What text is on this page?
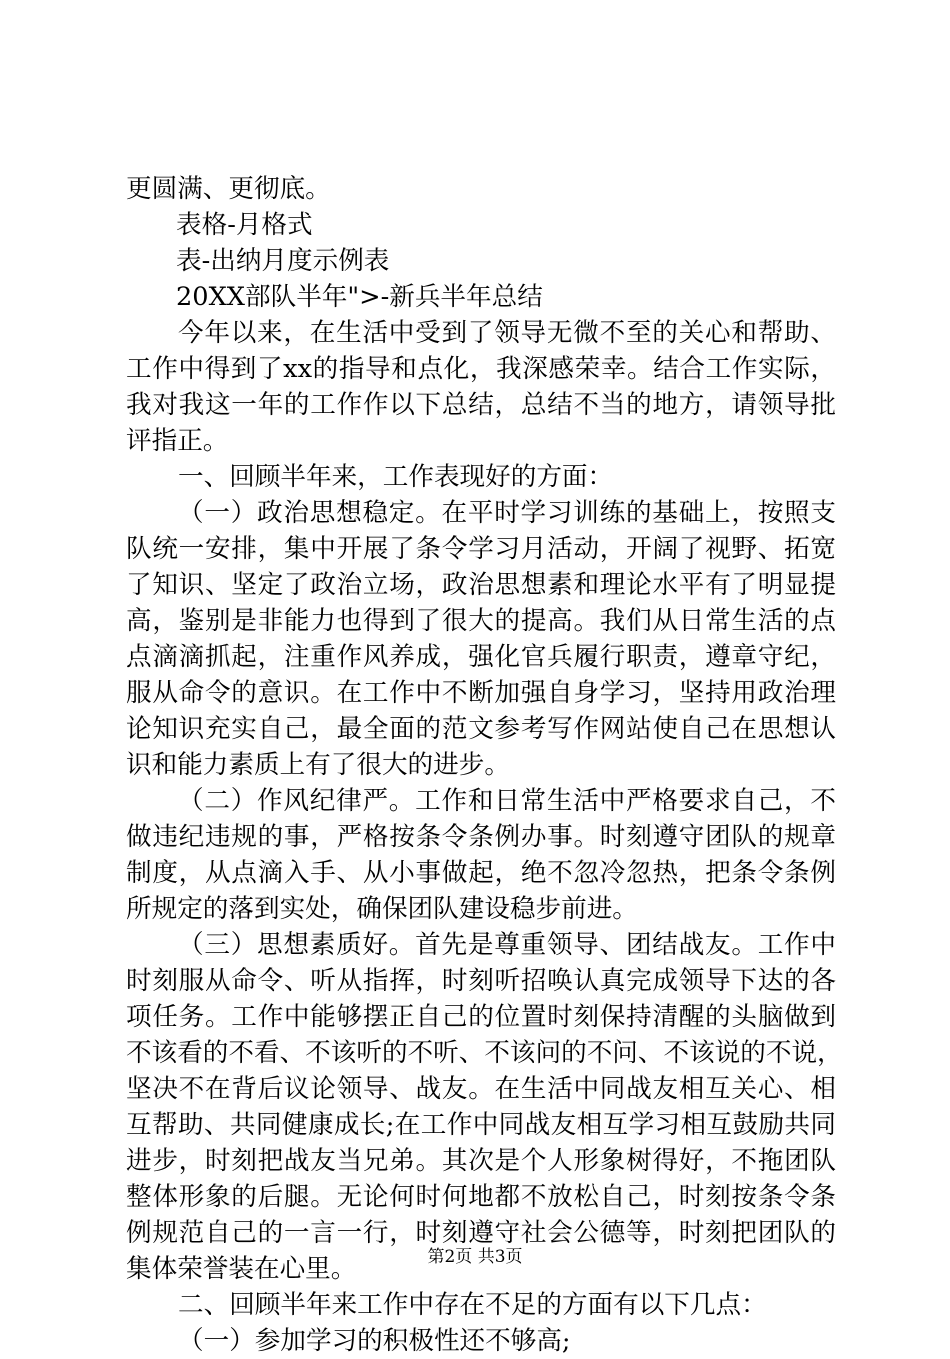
更圆满、更彻底。
表格-月格式
表-出纳月度示例表
20XX部队半年">-新兵半年总结
今年以来，在生活中受到了领导无微不至的关心和帮助、
工作中得到了xx的指导和点化，我深感荣幸。结合工作实际，
我对我这一年的工作作以下总结，总结不当的地方，请领导批
评指正。
一、回顾半年来，工作表现好的方面：
（一）政治思想稳定。在平时学习训练的基础上，按照支
队统一安排，集中开展了条令学习月活动，开阔了视野、拓宽
了知识、坚定了政治立场，政治思想素和理论水平有了明显提
高，鉴别是非能力也得到了很大的提高。我们从日常生活的点
点滴滴抓起，注重作风养成，强化官兵履行职责，遵章守纪，
服从命令的意识。在工作中不断加强自身学习，坚持用政治理
论知识充实自己，最全面的范文参考写作网站使自己在思想认
识和能力素质上有了很大的进步。
（二）作风纪律严。工作和日常生活中严格要求自己，不
做违纪违规的事，严格按条令条例办事。时刻遵守团队的规章
制度，从点滴入手、从小事做起，绝不忽冷忽热，把条令条例
所规定的落到实处，确保团队建设稳步前进。
（三）思想素质好。首先是尊重领导、团结战友。工作中
时刻服从命令、听从指挥，时刻听招唤认真完成领导下达的各
项任务。工作中能够摆正自己的位置时刻保持清醒的头脑做到
不该看的不看、不该听的不听、不该问的不问、不该说的不说，
坚决不在背后议论领导、战友。在生活中同战友相互关心、相
互帮助、共同健康成长;在工作中同战友相互学习相互鼓励共同
进步，时刻把战友当兄弟。其次是个人形象树得好，不拖团队
整体形象的后腿。无论何时何地都不放松自己，时刻按条令条
例规范自己的一言一行，时刻遵守社会公德等，时刻把团队的
集体荣誉装在心里。
二、回顾半年来工作中存在不足的方面有以下几点：
（一）参加学习的积极性还不够高;
第2页 共3页
